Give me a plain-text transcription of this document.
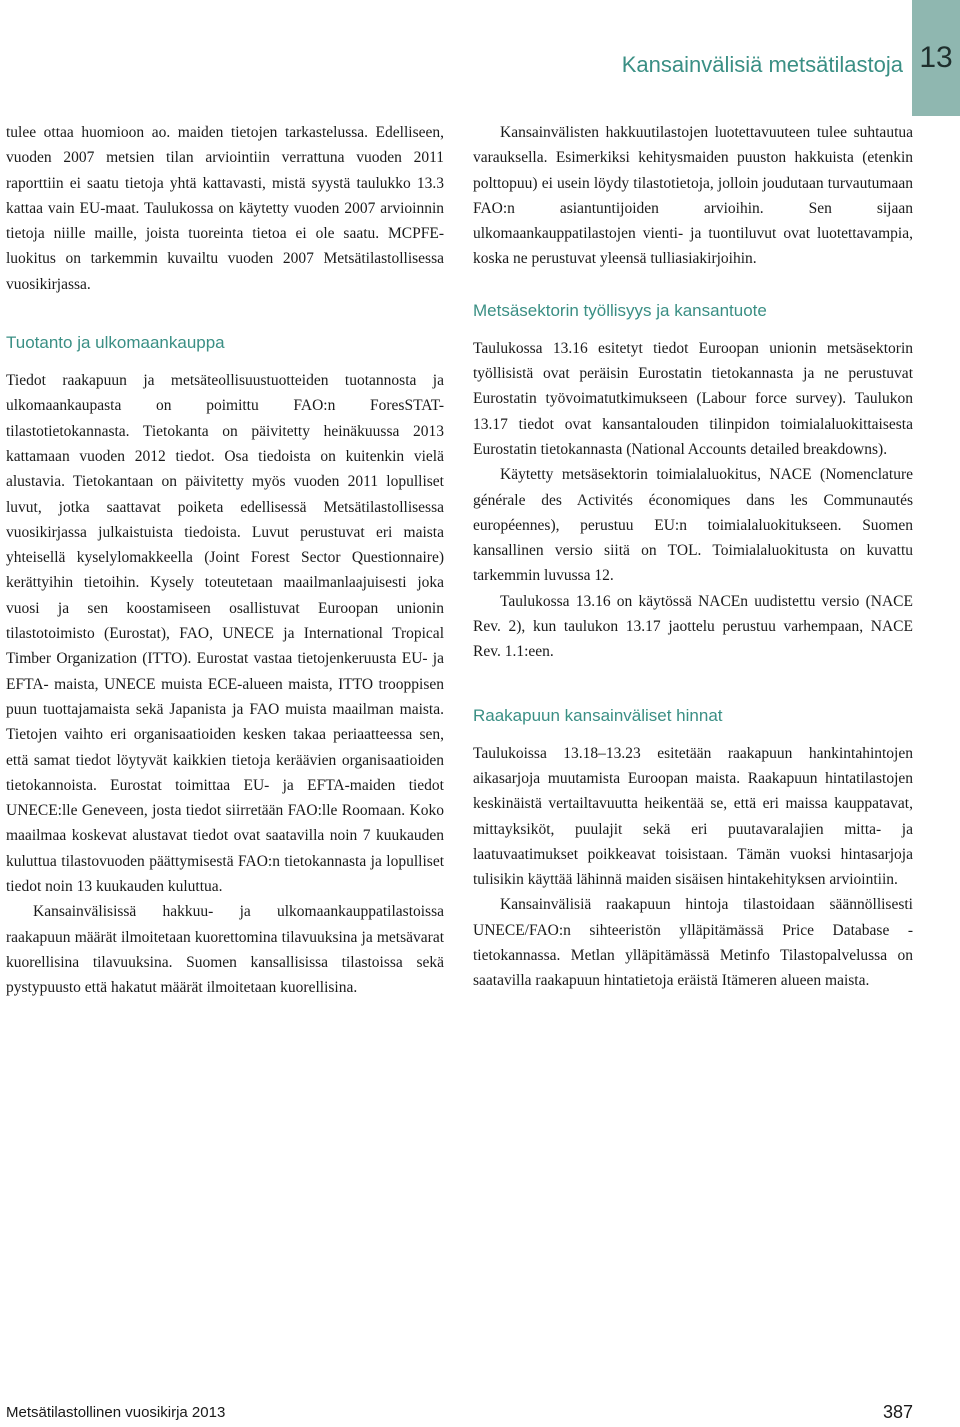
Kansainvälisiä metsätilastoja 13

tulee ottaa huomioon ao. maiden tietojen tarkastelussa. Edelliseen, vuoden 2007 metsien tilan arviointiin verrattuna vuoden 2011 raporttiin ei saatu tietoja yhtä kattavasti, mistä syystä taulukko 13.3 kattaa vain EU-maat. Taulukossa on käytetty vuoden 2007 arvioinnin tietoja niille maille, joista tuoreinta tietoa ei ole saatu. MCPFE-luokitus on tarkemmin kuvailtu vuoden 2007 Metsätilastollisessa vuosikirjassa.

Tuotanto ja ulkomaankauppa

Tiedot raakapuun ja metsäteollisuustuotteiden tuotannosta ja ulkomaankaupasta on poimittu FAO:n ForesSTAT-tilastotietokannasta. Tietokanta on päivitetty heinäkuussa 2013 kattamaan vuoden 2012 tiedot. Osa tiedoista on kuitenkin vielä alustavia. Tietokantaan on päivitetty myös vuoden 2011 lopulliset luvut, jotka saattavat poiketa edellisessä Metsätilastollisessa vuosikirjassa julkaistuista tiedoista. Luvut perustuvat eri maista yhteisellä kyselylomakkeella (Joint Forest Sector Questionnaire) kerättyihin tietoihin. Kysely toteutetaan maailmanlaajuisesti joka vuosi ja sen koostamiseen osallistuvat Euroopan unionin tilastotoimisto (Eurostat), FAO, UNECE ja International Tropical Timber Organization (ITTO). Eurostat vastaa tietojenkeruusta EU- ja EFTA- maista, UNECE muista ECE-alueen maista, ITTO trooppisen puun tuottajamaista sekä Japanista ja FAO muista maailman maista. Tietojen vaihto eri organisaatioiden kesken takaa periaatteessa sen, että samat tiedot löytyvät kaikkien tietoja keräävien organisaatioiden tietokannoista. Eurostat toimittaa EU- ja EFTA-maiden tiedot UNECE:lle Geneveen, josta tiedot siirretään FAO:lle Roomaan. Koko maailmaa koskevat alustavat tiedot ovat saatavilla noin 7 kuukauden kuluttua tilastovuoden päättymisestä FAO:n tietokannasta ja lopulliset tiedot noin 13 kuukauden kuluttua.

Kansainvälisissä hakkuu- ja ulkomaankauppatilastoissa raakapuun määrät ilmoitetaan kuorettomina tilavuuksina ja metsävarat kuorellisina tilavuuksina. Suomen kansallisissa tilastoissa sekä pystypuusto että hakatut määrät ilmoitetaan kuorellisina.

Kansainvälisten hakkuutilastojen luotettavuuteen tulee suhtautua varauksella. Esimerkiksi kehitysmaiden puuston hakkuista (etenkin polttopuu) ei usein löydy tilastotietoja, jolloin joudutaan turvautumaan FAO:n asiantuntijoiden arvioihin. Sen sijaan ulkomaankauppatilastojen vienti- ja tuontiluvut ovat luotettavampia, koska ne perustuvat yleensä tulliasiakirjoihin.

Metsäsektorin työllisyys ja kansantuote

Taulukossa 13.16 esitetyt tiedot Euroopan unionin metsäsektorin työllisistä ovat peräisin Eurostatin tietokannasta ja ne perustuvat Eurostatin työvoimatutkimukseen (Labour force survey). Taulukon 13.17 tiedot ovat kansantalouden tilinpidon toimialaluokittaisesta Eurostatin tietokannasta (National Accounts detailed breakdowns).

Käytetty metsäsektorin toimialaluokitus, NACE (Nomenclature générale des Activités économiques dans les Communautés européennes), perustuu EU:n toimialaluokitukseen. Suomen kansallinen versio siitä on TOL. Toimialaluokitusta on kuvattu tarkemmin luvussa 12.

Taulukossa 13.16 on käytössä NACEn uudistettu versio (NACE Rev. 2), kun taulukon 13.17 jaottelu perustuu varhempaan, NACE Rev. 1.1:een.

Raakapuun kansainväliset hinnat

Taulukoissa 13.18–13.23 esitetään raakapuun hankintahintojen aikasarjoja muutamista Euroopan maista. Raakapuun hintatilastojen keskinäistä vertailtavuutta heikentää se, että eri maissa kauppatavat, mittayksiköt, puulajit sekä eri puutavaralajien mitta- ja laatuvaatimukset poikkeavat toisistaan. Tämän vuoksi hintasarjoja tulisikin käyttää lähinnä maiden sisäisen hintakehityksen arviointiin.

Kansainvälisiä raakapuun hintoja tilastoidaan säännöllisesti UNECE/FAO:n sihteeristön ylläpitämässä Price Database -tietokannassa. Metlan ylläpitämässä Metinfo Tilastopalvelussa on saatavilla raakapuun hintatietoja eräistä Itämeren alueen maista.

Metsätilastollinen vuosikirja 2013	387
